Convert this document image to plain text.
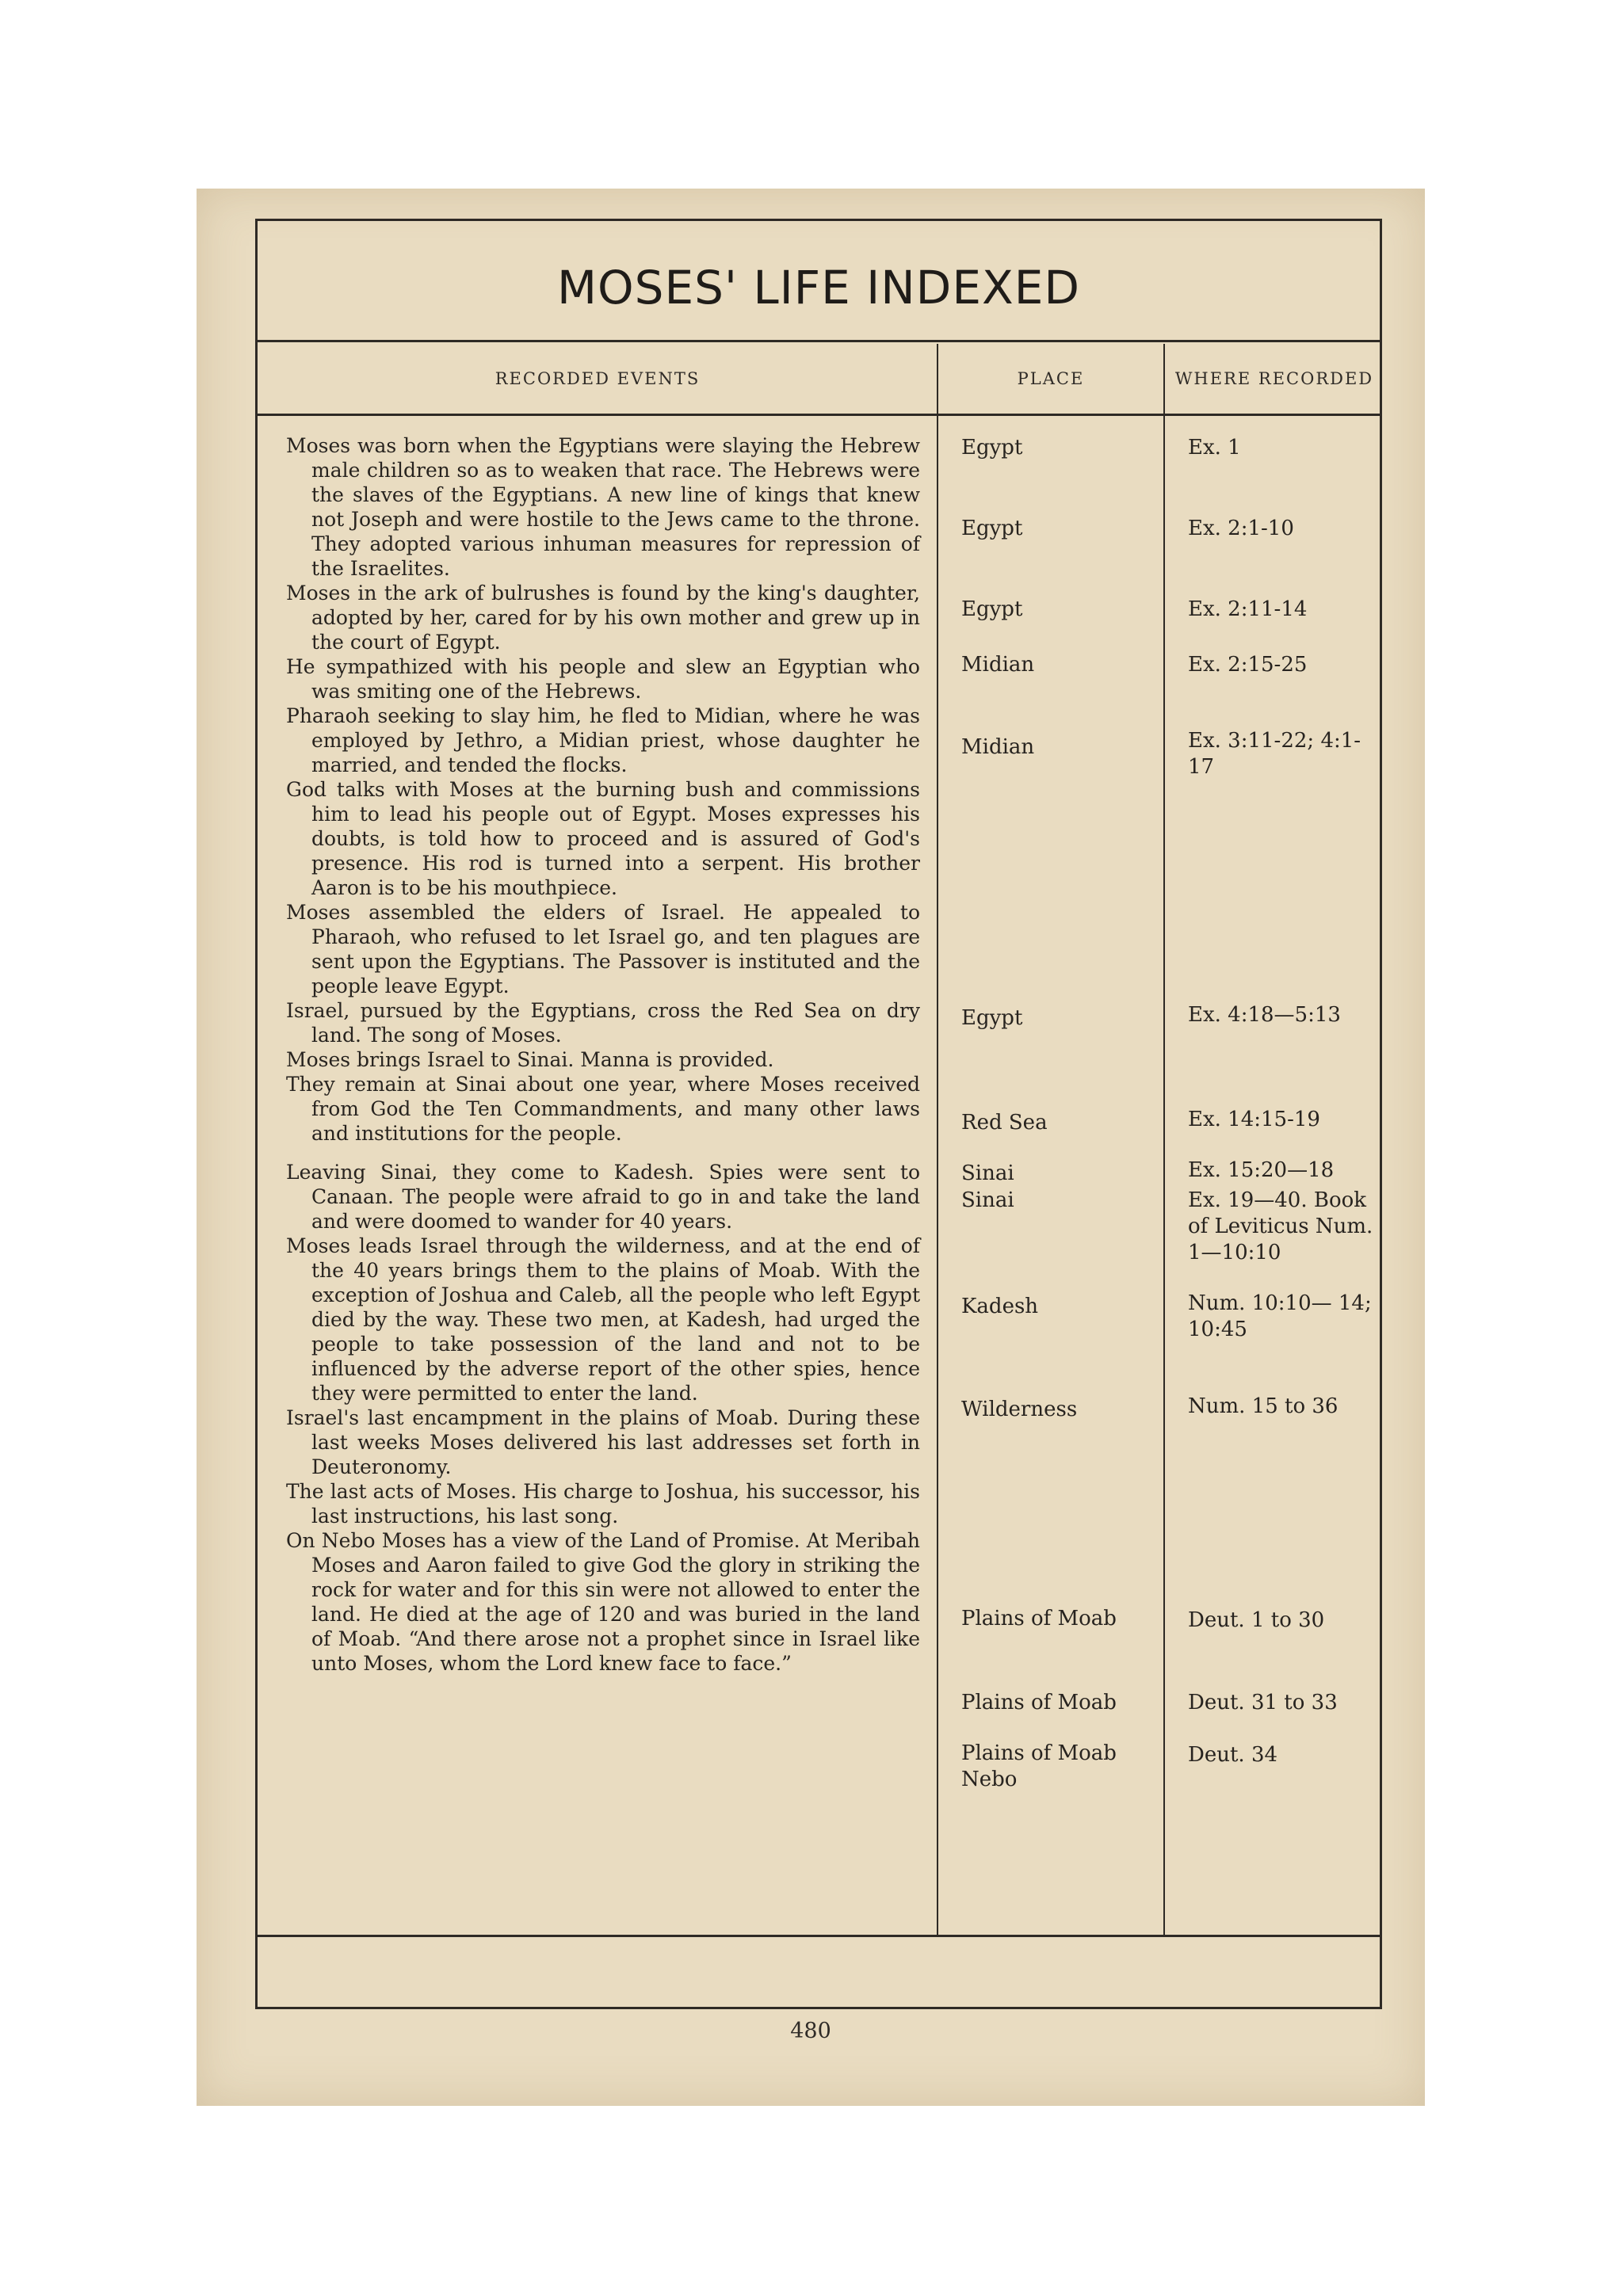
MOSES' LIFE INDEXED
RECORDED EVENTS	PLACE	WHERE RECORDED
Moses was born when the Egyptians were slaying the Hebrew male children so as to weaken that race. The Hebrews were the slaves of the Egyptians. A new line of kings that knew not Joseph and were hostile to the Jews came to the throne. They adopted various inhuman measures for repression of the Israelites.
Moses in the ark of bulrushes is found by the king's daughter, adopted by her, cared for by his own mother and grew up in the court of Egypt.
He sympathized with his people and slew an Egyptian who was smiting one of the Hebrews.
Pharaoh seeking to slay him, he fled to Midian, where he was employed by Jethro, a Midian priest, whose daughter he married, and tended the flocks.
God talks with Moses at the burning bush and commissions him to lead his people out of Egypt. Moses expresses his doubts, is told how to proceed and is assured of God's presence. His rod is turned into a serpent. His brother Aaron is to be his mouthpiece.
Moses assembled the elders of Israel. He appealed to Pharaoh, who refused to let Israel go, and ten plagues are sent upon the Egyptians. The Passover is instituted and the people leave Egypt.
Israel, pursued by the Egyptians, cross the Red Sea on dry land. The song of Moses.
Moses brings Israel to Sinai. Manna is provided.
They remain at Sinai about one year, where Moses received from God the Ten Commandments, and many other laws and institutions for the people.
Leaving Sinai, they come to Kadesh. Spies were sent to Canaan. The people were afraid to go in and take the land and were doomed to wander for 40 years.
Moses leads Israel through the wilderness, and at the end of the 40 years brings them to the plains of Moab. With the exception of Joshua and Caleb, all the people who left Egypt died by the way. These two men, at Kadesh, had urged the people to take possession of the land and not to be influenced by the adverse report of the other spies, hence they were permitted to enter the land.
Israel's last encampment in the plains of Moab. During these last weeks Moses delivered his last addresses set forth in Deuteronomy.
The last acts of Moses. His charge to Joshua, his successor, his last instructions, his last song.
On Nebo Moses has a view of the Land of Promise. At Meribah Moses and Aaron failed to give God the glory in striking the rock for water and for this sin were not allowed to enter the land. He died at the age of 120 and was buried in the land of Moab. “And there arose not a prophet since in Israel like unto Moses, whom the Lord knew face to face.”
Egypt
Egypt
Egypt
Midian
Midian
Egypt
Red Sea
Sinai
Sinai
Kadesh
Wilderness
Plains of Moab
Plains of Moab
Plains of Moab Nebo
Ex. 1
Ex. 2:1-10
Ex. 2:11-14
Ex. 2:15-25
Ex. 3:11-22; 4:1-17
Ex. 4:18—5:13
Ex. 14:15-19
Ex. 15:20—18
Ex. 19—40. Book of Leviticus Num. 1—10:10
Num. 10:10— 14; 10:45
Num. 15 to 36
Deut. 1 to 30
Deut. 31 to 33
Deut. 34
480
